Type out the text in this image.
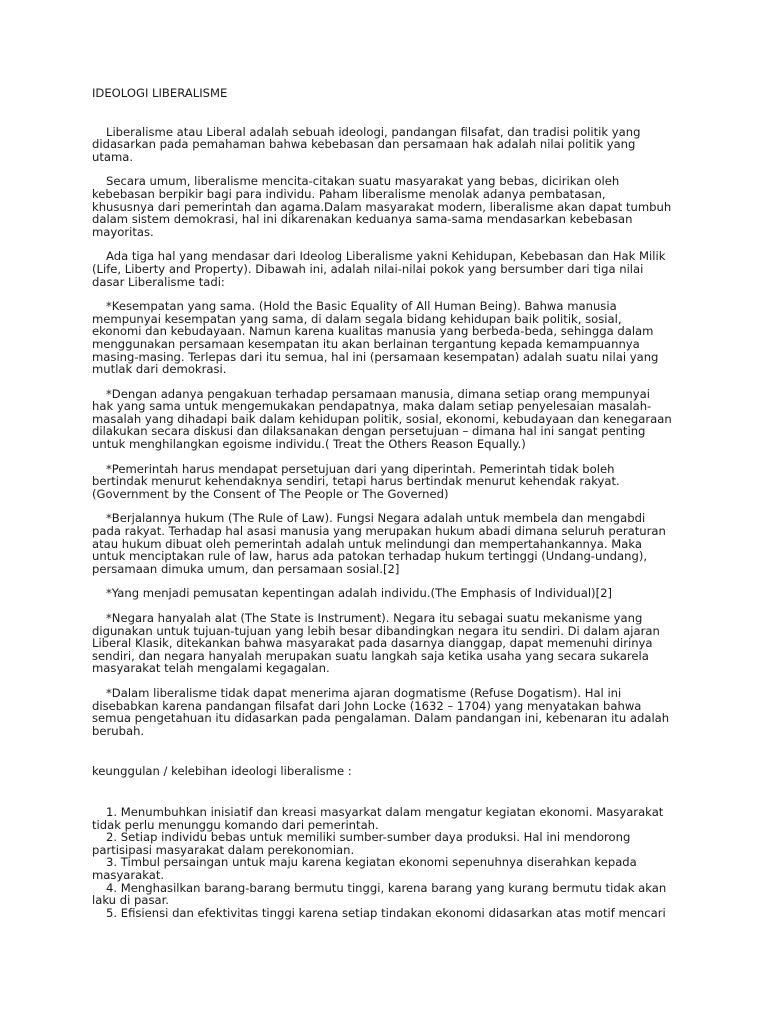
IDEOLOGI LIBERALISME

Liberalisme atau Liberal adalah sebuah ideologi, pandangan filsafat, dan tradisi politik yang
didasarkan pada pemahaman bahwa kebebasan dan persamaan hak adalah nilai politik yang
utama.

Secara umum, liberalisme mencita-citakan suatu masyarakat yang bebas, dicirikan oleh
kebebasan berpikir bagi para individu. Paham liberalisme menolak adanya pembatasan,
khususnya dari pemerintah dan agama.Dalam masyarakat modern, liberalisme akan dapat tumbuh
dalam sistem demokrasi, hal ini dikarenakan keduanya sama-sama mendasarkan kebebasan
mayoritas.

Ada tiga hal yang mendasar dari Ideolog Liberalisme yakni Kehidupan, Kebebasan dan Hak Milik
(Life, Liberty and Property). Dibawah ini, adalah nilai-nilai pokok yang bersumber dari tiga nilai
dasar Liberalisme tadi:

*Kesempatan yang sama. (Hold the Basic Equality of All Human Being). Bahwa manusia
mempunyai kesempatan yang sama, di dalam segala bidang kehidupan baik politik, sosial,
ekonomi dan kebudayaan. Namun karena kualitas manusia yang berbeda-beda, sehingga dalam
menggunakan persamaan kesempatan itu akan berlainan tergantung kepada kemampuannya
masing-masing. Terlepas dari itu semua, hal ini (persamaan kesempatan) adalah suatu nilai yang
mutlak dari demokrasi.

*Dengan adanya pengakuan terhadap persamaan manusia, dimana setiap orang mempunyai
hak yang sama untuk mengemukakan pendapatnya, maka dalam setiap penyelesaian masalah-
masalah yang dihadapi baik dalam kehidupan politik, sosial, ekonomi, kebudayaan dan kenegaraan
dilakukan secara diskusi dan dilaksanakan dengan persetujuan – dimana hal ini sangat penting
untuk menghilangkan egoisme individu.( Treat the Others Reason Equally.)

*Pemerintah harus mendapat persetujuan dari yang diperintah. Pemerintah tidak boleh
bertindak menurut kehendaknya sendiri, tetapi harus bertindak menurut kehendak rakyat.
(Government by the Consent of The People or The Governed)

*Berjalannya hukum (The Rule of Law). Fungsi Negara adalah untuk membela dan mengabdi
pada rakyat. Terhadap hal asasi manusia yang merupakan hukum abadi dimana seluruh peraturan
atau hukum dibuat oleh pemerintah adalah untuk melindungi dan mempertahankannya. Maka
untuk menciptakan rule of law, harus ada patokan terhadap hukum tertinggi (Undang-undang),
persamaan dimuka umum, dan persamaan sosial.[2]

*Yang menjadi pemusatan kepentingan adalah individu.(The Emphasis of Individual)[2]

*Negara hanyalah alat (The State is Instrument). Negara itu sebagai suatu mekanisme yang
digunakan untuk tujuan-tujuan yang lebih besar dibandingkan negara itu sendiri. Di dalam ajaran
Liberal Klasik, ditekankan bahwa masyarakat pada dasarnya dianggap, dapat memenuhi dirinya
sendiri, dan negara hanyalah merupakan suatu langkah saja ketika usaha yang secara sukarela
masyarakat telah mengalami kegagalan.

*Dalam liberalisme tidak dapat menerima ajaran dogmatisme (Refuse Dogatism). Hal ini
disebabkan karena pandangan filsafat dari John Locke (1632 – 1704) yang menyatakan bahwa
semua pengetahuan itu didasarkan pada pengalaman. Dalam pandangan ini, kebenaran itu adalah
berubah.

keunggulan / kelebihan ideologi liberalisme :

1. Menumbuhkan inisiatif dan kreasi masyarkat dalam mengatur kegiatan ekonomi. Masyarakat
tidak perlu menunggu komando dari pemerintah.
2. Setiap individu bebas untuk memiliki sumber-sumber daya produksi. Hal ini mendorong
partisipasi masyarakat dalam perekonomian.
3. Timbul persaingan untuk maju karena kegiatan ekonomi sepenuhnya diserahkan kepada
masyarakat.
4. Menghasilkan barang-barang bermutu tinggi, karena barang yang kurang bermutu tidak akan
laku di pasar.
5. Efisiensi dan efektivitas tinggi karena setiap tindakan ekonomi didasarkan atas motif mencari
